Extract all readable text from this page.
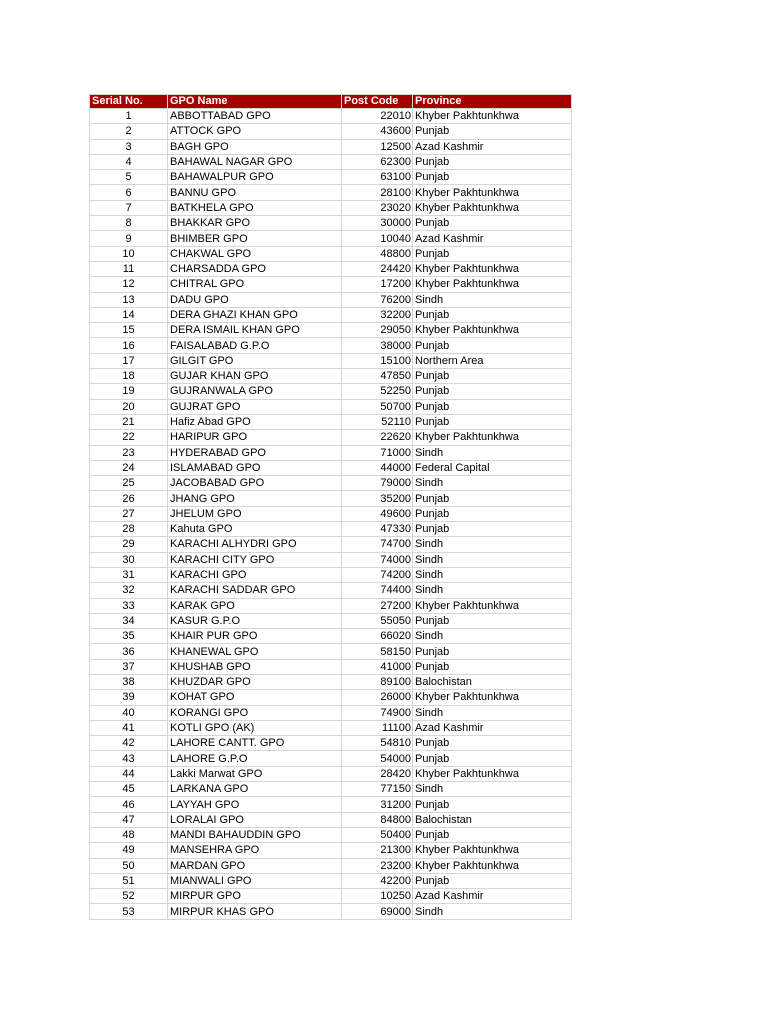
Serial No.	GPO Name	Post Code	Province
1	ABBOTTABAD GPO	22010	Khyber Pakhtunkhwa
2	ATTOCK GPO	43600	Punjab
3	BAGH GPO	12500	Azad Kashmir
4	BAHAWAL NAGAR GPO	62300	Punjab
5	BAHAWALPUR GPO	63100	Punjab
6	BANNU GPO	28100	Khyber Pakhtunkhwa
7	BATKHELA GPO	23020	Khyber Pakhtunkhwa
8	BHAKKAR GPO	30000	Punjab
9	BHIMBER GPO	10040	Azad Kashmir
10	CHAKWAL GPO	48800	Punjab
11	CHARSADDA GPO	24420	Khyber Pakhtunkhwa
12	CHITRAL GPO	17200	Khyber Pakhtunkhwa
13	DADU GPO	76200	Sindh
14	DERA GHAZI KHAN GPO	32200	Punjab
15	DERA ISMAIL KHAN GPO	29050	Khyber Pakhtunkhwa
16	FAISALABAD G.P.O	38000	Punjab
17	GILGIT GPO	15100	Northern Area
18	GUJAR KHAN GPO	47850	Punjab
19	GUJRANWALA GPO	52250	Punjab
20	GUJRAT GPO	50700	Punjab
21	Hafiz Abad GPO	52110	Punjab
22	HARIPUR GPO	22620	Khyber Pakhtunkhwa
23	HYDERABAD GPO	71000	Sindh
24	ISLAMABAD GPO	44000	Federal Capital
25	JACOBABAD GPO	79000	Sindh
26	JHANG GPO	35200	Punjab
27	JHELUM GPO	49600	Punjab
28	Kahuta GPO	47330	Punjab
29	KARACHI ALHYDRI GPO	74700	Sindh
30	KARACHI CITY GPO	74000	Sindh
31	KARACHI GPO	74200	Sindh
32	KARACHI SADDAR GPO	74400	Sindh
33	KARAK GPO	27200	Khyber Pakhtunkhwa
34	KASUR G.P.O	55050	Punjab
35	KHAIR PUR GPO	66020	Sindh
36	KHANEWAL GPO	58150	Punjab
37	KHUSHAB GPO	41000	Punjab
38	KHUZDAR GPO	89100	Balochistan
39	KOHAT GPO	26000	Khyber Pakhtunkhwa
40	KORANGI GPO	74900	Sindh
41	KOTLI GPO (AK)	11100	Azad Kashmir
42	LAHORE CANTT. GPO	54810	Punjab
43	LAHORE G.P.O	54000	Punjab
44	Lakki Marwat GPO	28420	Khyber Pakhtunkhwa
45	LARKANA GPO	77150	Sindh
46	LAYYAH GPO	31200	Punjab
47	LORALAI GPO	84800	Balochistan
48	MANDI BAHAUDDIN GPO	50400	Punjab
49	MANSEHRA GPO	21300	Khyber Pakhtunkhwa
50	MARDAN GPO	23200	Khyber Pakhtunkhwa
51	MIANWALI GPO	42200	Punjab
52	MIRPUR GPO	10250	Azad Kashmir
53	MIRPUR KHAS GPO	69000	Sindh
